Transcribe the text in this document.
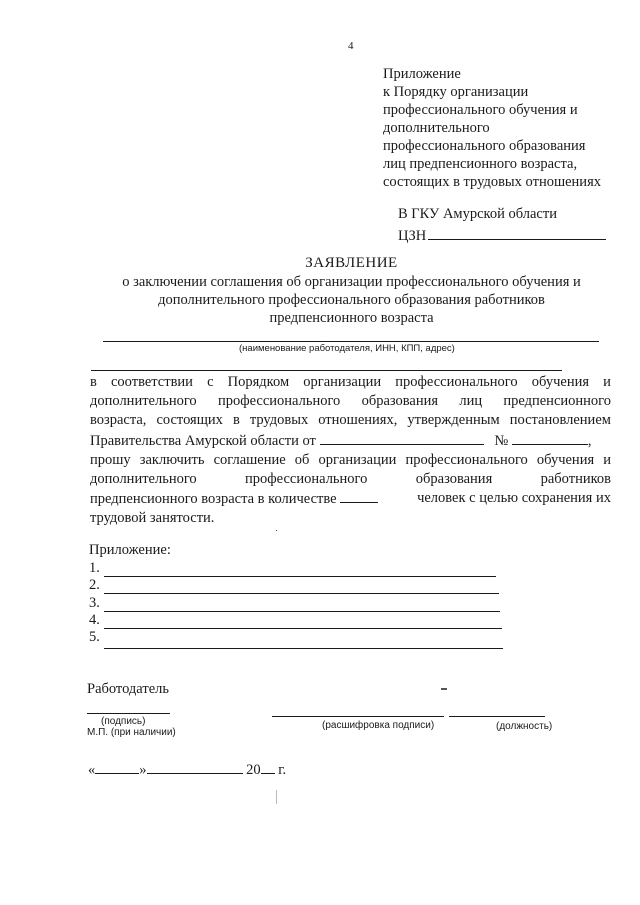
4
Приложение
к Порядку организации
профессионального обучения и
дополнительного
профессионального образования
лиц предпенсионного возраста,
состоящих в трудовых отношениях
В ГКУ Амурской области
ЦЗН
ЗАЯВЛЕНИЕ
о заключении соглашения об организации профессионального обучения и
дополнительного профессионального образования работников
предпенсионного возраста
(наименование работодателя, ИНН, КПП, адрес)
в соответствии с Порядком организации профессионального обучения и
дополнительного профессионального образования лиц предпенсионного
возраста, состоящих в трудовых отношениях, утвержденным постановлением
Правительства Амурской области от	№	,
прошу заключить соглашение об организации профессионального обучения и
дополнительного	профессионального	образования	работников
предпенсионного возраста в количестве	человек с целью сохранения их
трудовой занятости.
Приложение:
1.
2.
3.
4.
5.
Работодатель
(подпись)
М.П. (при наличии)
(расшифровка подписи)	(должность)
«	»	20 г.
